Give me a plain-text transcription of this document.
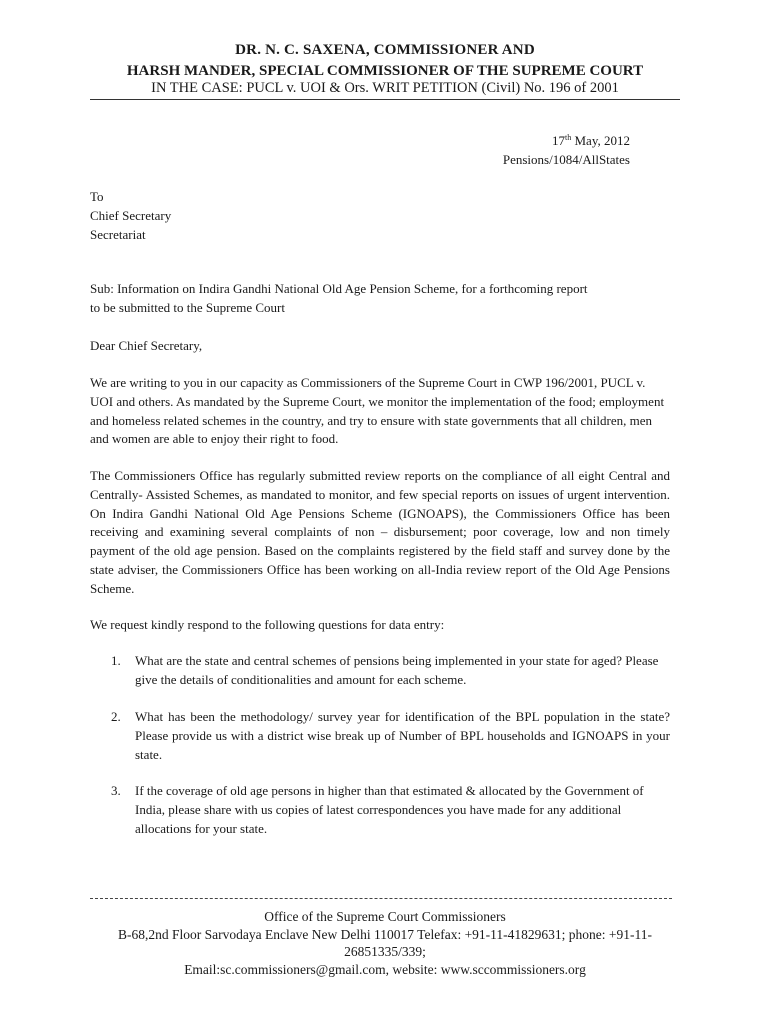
DR. N. C. SAXENA, COMMISSIONER AND
HARSH MANDER, SPECIAL COMMISSIONER OF THE SUPREME COURT
IN THE CASE: PUCL v. UOI & Ors. WRIT PETITION (Civil) No. 196 of 2001
17th May, 2012
Pensions/1084/AllStates
To
Chief Secretary
Secretariat
Sub: Information on Indira Gandhi National Old Age Pension Scheme, for a forthcoming report
to be submitted to the Supreme Court
Dear Chief Secretary,
We are writing to you in our capacity as Commissioners of the Supreme Court in CWP 196/2001, PUCL v. UOI and others. As mandated by the Supreme Court, we monitor the implementation of the food; employment and homeless related schemes in the country, and try to ensure with state governments that all children, men and women are able to enjoy their right to food.
The Commissioners Office has regularly submitted review reports on the compliance of all eight Central and Centrally- Assisted Schemes, as mandated to monitor, and few special reports on issues of urgent intervention. On Indira Gandhi National Old Age Pensions Scheme (IGNOAPS), the Commissioners Office has been receiving and examining several complaints of non – disbursement; poor coverage, low and non timely payment of the old age pension. Based on the complaints registered by the field staff and survey done by the state adviser, the Commissioners Office has been working on all-India review report of the Old Age Pensions Scheme.
We request kindly respond to the following questions for data entry:
1. What are the state and central schemes of pensions being implemented in your state for aged? Please give the details of conditionalities and amount for each scheme.
2. What has been the methodology/ survey year for identification of the BPL population in the state? Please provide us with a district wise break up of Number of BPL households and IGNOAPS in your state.
3. If the coverage of old age persons in higher than that estimated & allocated by the Government of India, please share with us copies of latest correspondences you have made for any additional allocations for your state.
Office of the Supreme Court Commissioners
B-68,2nd Floor Sarvodaya Enclave New Delhi 110017 Telefax: +91-11-41829631; phone: +91-11-
26851335/339;
Email:sc.commissioners@gmail.com, website: www.sccommissioners.org
